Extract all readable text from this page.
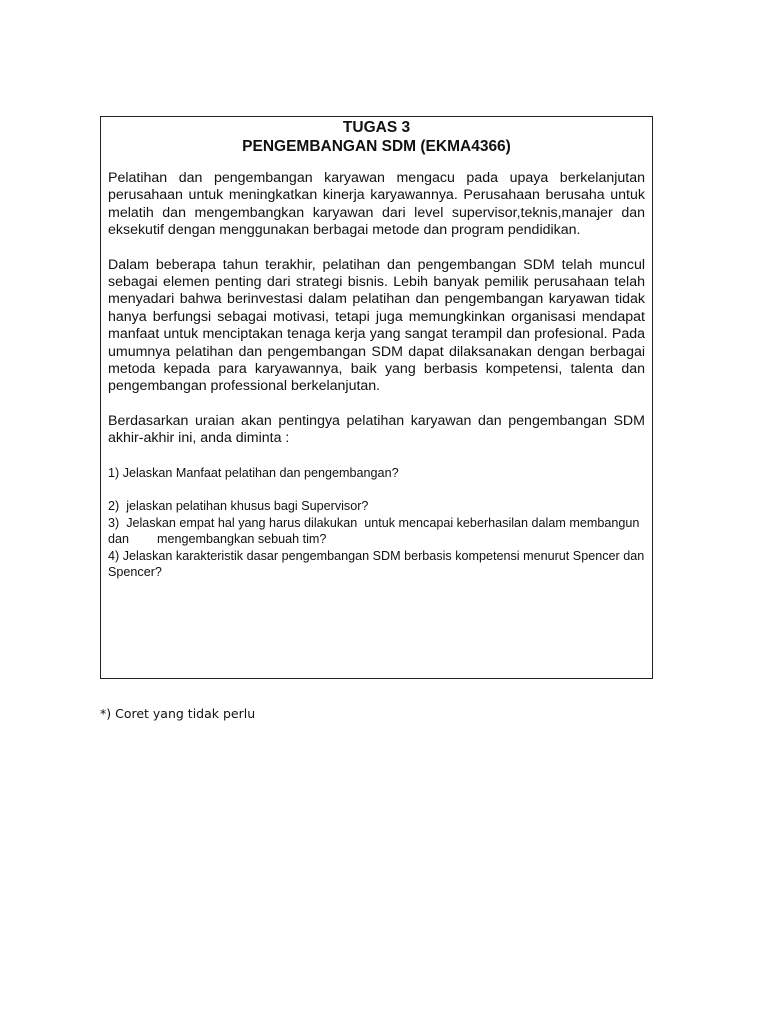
TUGAS 3
PENGEMBANGAN SDM (EKMA4366)

Pelatihan dan pengembangan karyawan mengacu pada upaya berkelanjutan perusahaan untuk meningkatkan kinerja karyawannya. Perusahaan berusaha untuk melatih dan mengembangkan karyawan dari level supervisor,teknis,manajer dan eksekutif dengan menggunakan berbagai metode dan program pendidikan.

Dalam beberapa tahun terakhir, pelatihan dan pengembangan SDM telah muncul sebagai elemen penting dari strategi bisnis. Lebih banyak pemilik perusahaan telah menyadari bahwa berinvestasi dalam pelatihan dan pengembangan karyawan tidak hanya berfungsi sebagai motivasi, tetapi juga memungkinkan organisasi mendapat manfaat untuk menciptakan tenaga kerja yang sangat terampil dan profesional. Pada umumnya pelatihan dan pengembangan SDM dapat dilaksanakan dengan berbagai metoda kepada para karyawannya, baik yang berbasis kompetensi, talenta dan pengembangan professional berkelanjutan.

Berdasarkan uraian akan pentingya pelatihan karyawan dan pengembangan SDM akhir-akhir ini, anda diminta :

1) Jelaskan Manfaat pelatihan dan pengembangan?

2)  jelaskan pelatihan khusus bagi Supervisor?

3)  Jelaskan empat hal yang harus dilakukan  untuk mencapai keberhasilan dalam membangun dan        mengembangkan sebuah tim?

4) Jelaskan karakteristik dasar pengembangan SDM berbasis kompetensi menurut Spencer dan Spencer?

*) Coret yang tidak perlu
